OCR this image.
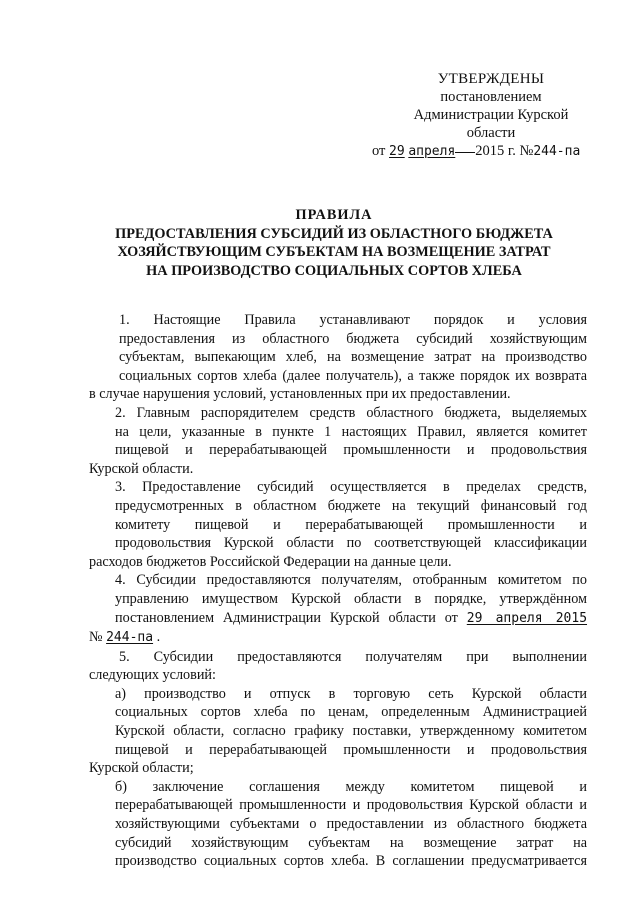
УТВЕРЖДЕНЫ
постановлением
Администрации Курской
области
от 29 апреля 2015 г. №244-па
ПРАВИЛА
ПРЕДОСТАВЛЕНИЯ СУБСИДИЙ ИЗ ОБЛАСТНОГО БЮДЖЕТА
ХОЗЯЙСТВУЮЩИМ СУБЪЕКТАМ НА ВОЗМЕЩЕНИЕ ЗАТРАТ
НА ПРОИЗВОДСТВО СОЦИАЛЬНЫХ СОРТОВ ХЛЕБА

1. Настоящие Правила устанавливают порядок и условия
предоставления из областного бюджета субсидий хозяйствующим
субъектам, выпекающим хлеб, на возмещение затрат на производство
социальных сортов хлеба (далее получатель), а также порядок их возврата
в случае нарушения условий, установленных при их предоставлении.

2. Главным распорядителем средств областного бюджета, выделяемых
на цели, указанные в пункте 1 настоящих Правил, является комитет
пищевой и перерабатывающей промышленности и продовольствия
Курской области.

3. Предоставление субсидий осуществляется в пределах средств,
предусмотренных в областном бюджете на текущий финансовый год
комитету пищевой и перерабатывающей промышленности и
продовольствия Курской области по соответствующей классификации
расходов бюджетов Российской Федерации на данные цели.

4. Субсидии предоставляются получателям, отобранным комитетом по
управлению имуществом Курской области в порядке, утверждённом
постановлением Администрации Курской области от 29 апреля 2015
№ 244-па .

5. Субсидии предоставляются получателям при выполнении
следующих условий:

а) производство и отпуск в торговую сеть Курской области
социальных сортов хлеба по ценам, определенным Администрацией
Курской области, согласно графику поставки, утвержденному комитетом
пищевой и перерабатывающей промышленности и продовольствия
Курской области;

б) заключение соглашения между комитетом пищевой и
перерабатывающей промышленности и продовольствия Курской области и
хозяйствующими субъектами о предоставлении из областного бюджета
субсидий хозяйствующим субъектам на возмещение затрат на
производство социальных сортов хлеба. В соглашении предусматривается
